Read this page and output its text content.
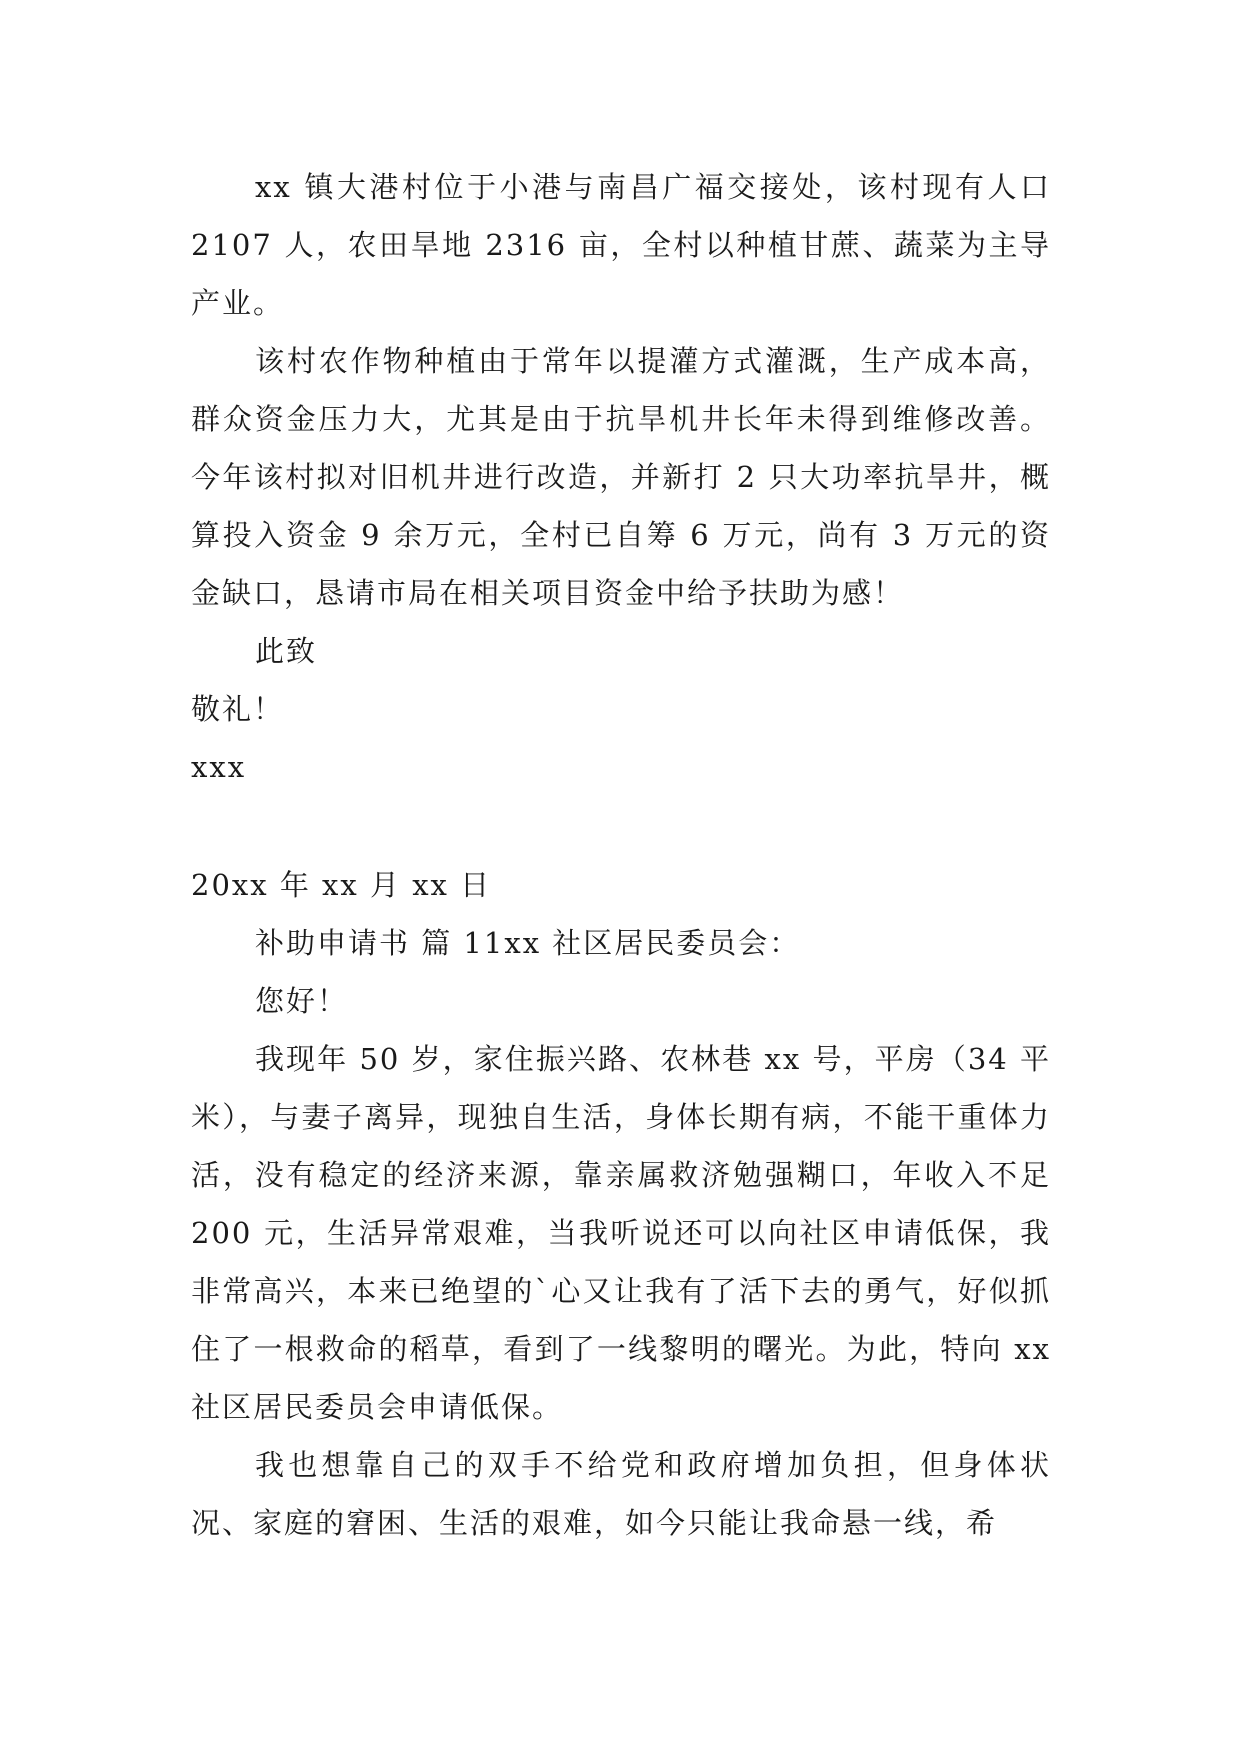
xx 镇大港村位于小港与南昌广福交接处，该村现有人口 2107 人，农田旱地 2316 亩，全村以种植甘蔗、蔬菜为主导产业。

该村农作物种植由于常年以提灌方式灌溉，生产成本高，群众资金压力大，尤其是由于抗旱机井长年未得到维修改善。今年该村拟对旧机井进行改造，并新打 2 只大功率抗旱井，概算投入资金 9 余万元，全村已自筹 6 万元，尚有 3 万元的资金缺口，恳请市局在相关项目资金中给予扶助为感！

此致

敬礼！

xxx

20xx 年 xx 月 xx 日

补助申请书 篇 11xx 社区居民委员会：

您好！

我现年 50 岁，家住振兴路、农林巷 xx 号，平房（34 平米），与妻子离异，现独自生活，身体长期有病，不能干重体力活，没有稳定的经济来源，靠亲属救济勉强糊口，年收入不足 200 元，生活异常艰难，当我听说还可以向社区申请低保，我非常高兴，本来已绝望的`心又让我有了活下去的勇气，好似抓住了一根救命的稻草，看到了一线黎明的曙光。为此，特向 xx 社区居民委员会申请低保。

我也想靠自己的双手不给党和政府增加负担，但身体状况、家庭的窘困、生活的艰难，如今只能让我命悬一线，希
